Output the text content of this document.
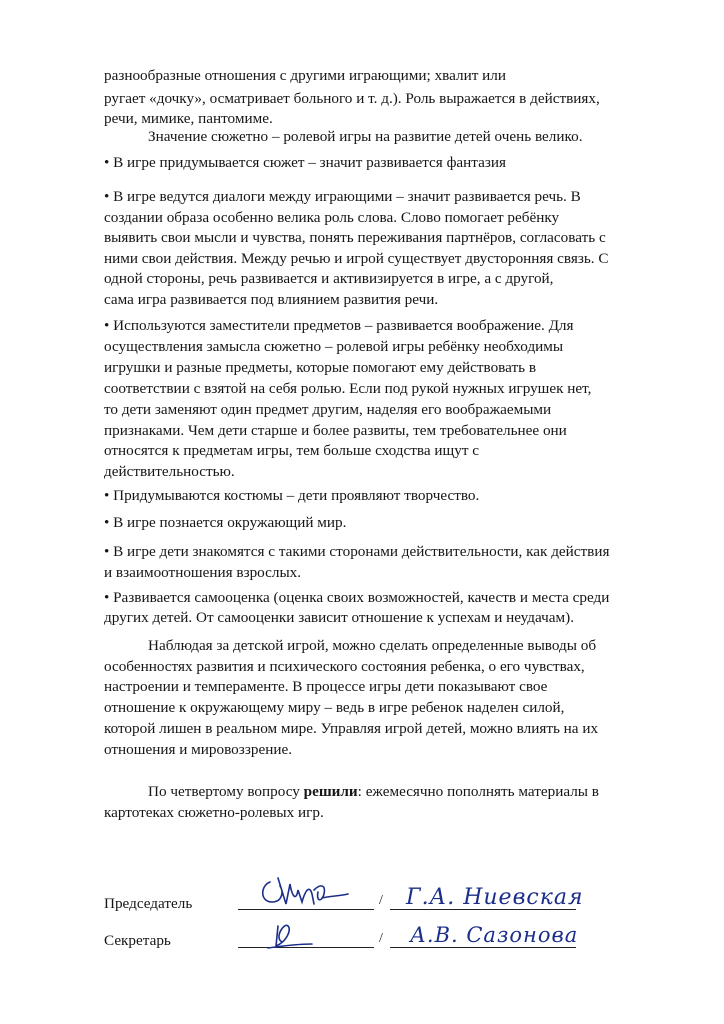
разнообразные отношения с другими играющими; хвалит или
ругает «дочку», осматривает больного и т. д.). Роль выражается в действиях,
речи, мимике, пантомиме.
Значение сюжетно – ролевой игры на развитие детей очень велико.
• В игре придумывается сюжет – значит развивается фантазия
• В игре ведутся диалоги между играющими – значит развивается речь. В
создании образа особенно велика роль слова. Слово помогает ребёнку
выявить свои мысли и чувства, понять переживания партнёров, согласовать с
ними свои действия. Между речью и игрой существует двусторонняя связь. С
одной стороны, речь развивается и активизируется в игре, а с другой,
сама игра развивается под влиянием развития речи.
• Используются заместители предметов – развивается воображение. Для
осуществления замысла сюжетно – ролевой игры ребёнку необходимы
игрушки и разные предметы, которые помогают ему действовать в
соответствии с взятой на себя ролью. Если под рукой нужных игрушек нет,
то дети заменяют один предмет другим, наделяя его воображаемыми
признаками. Чем дети старше и более развиты, тем требовательнее они
относятся к предметам игры, тем больше сходства ищут с
действительностью.
• Придумываются костюмы – дети проявляют творчество.
• В игре познается окружающий мир.
• В игре дети знакомятся с такими сторонами действительности, как действия
и взаимоотношения взрослых.
• Развивается самооценка (оценка своих возможностей, качеств и места среди
других детей. От самооценки зависит отношение к успехам и неудачам).
Наблюдая за детской игрой, можно сделать определенные выводы об
особенностях развития и психического состояния ребенка, о его чувствах,
настроении и темпераменте. В процессе игры дети показывают свое
отношение к окружающему миру – ведь в игре ребенок наделен силой,
которой лишен в реальном мире. Управляя игрой детей, можно влиять на их
отношения и мировоззрение.
По четвертому вопросу решили: ежемесячно пополнять материалы в
картотеках сюжетно-ролевых игр.
Председатель	/ Г.А. Ниевская
Секретарь	/ А.В. Сазонова
